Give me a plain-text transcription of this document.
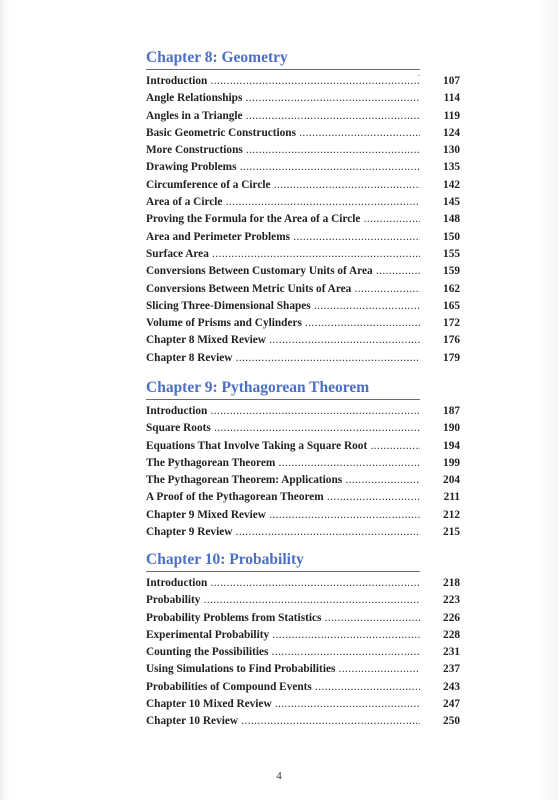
Chapter 8: Geometry
Introduction .....	107
Angle Relationships .....	114
Angles in a Triangle .....	119
Basic Geometric Constructions .....	124
More Constructions .....	130
Drawing Problems .....	135
Circumference of a Circle .....	142
Area of a Circle .....	145
Proving the Formula for the Area of a Circle .....	148
Area and Perimeter Problems .....	150
Surface Area .....	155
Conversions Between Customary Units of Area .....	159
Conversions Between Metric Units of Area .....	162
Slicing Three-Dimensional Shapes .....	165
Volume of Prisms and Cylinders .....	172
Chapter 8 Mixed Review .....	176
Chapter 8 Review .....	179
Chapter 9: Pythagorean Theorem
Introduction .....	187
Square Roots .....	190
Equations That Involve Taking a Square Root .....	194
The Pythagorean Theorem .....	199
The Pythagorean Theorem: Applications .....	204
A Proof of the Pythagorean Theorem .....	211
Chapter 9 Mixed Review .....	212
Chapter 9 Review .....	215
Chapter 10: Probability
Introduction .....	218
Probability .....	223
Probability Problems from Statistics .....	226
Experimental Probability .....	228
Counting the Possibilities .....	231
Using Simulations to Find Probabilities .....	237
Probabilities of Compound Events .....	243
Chapter 10 Mixed Review .....	247
Chapter 10 Review .....	250
4
